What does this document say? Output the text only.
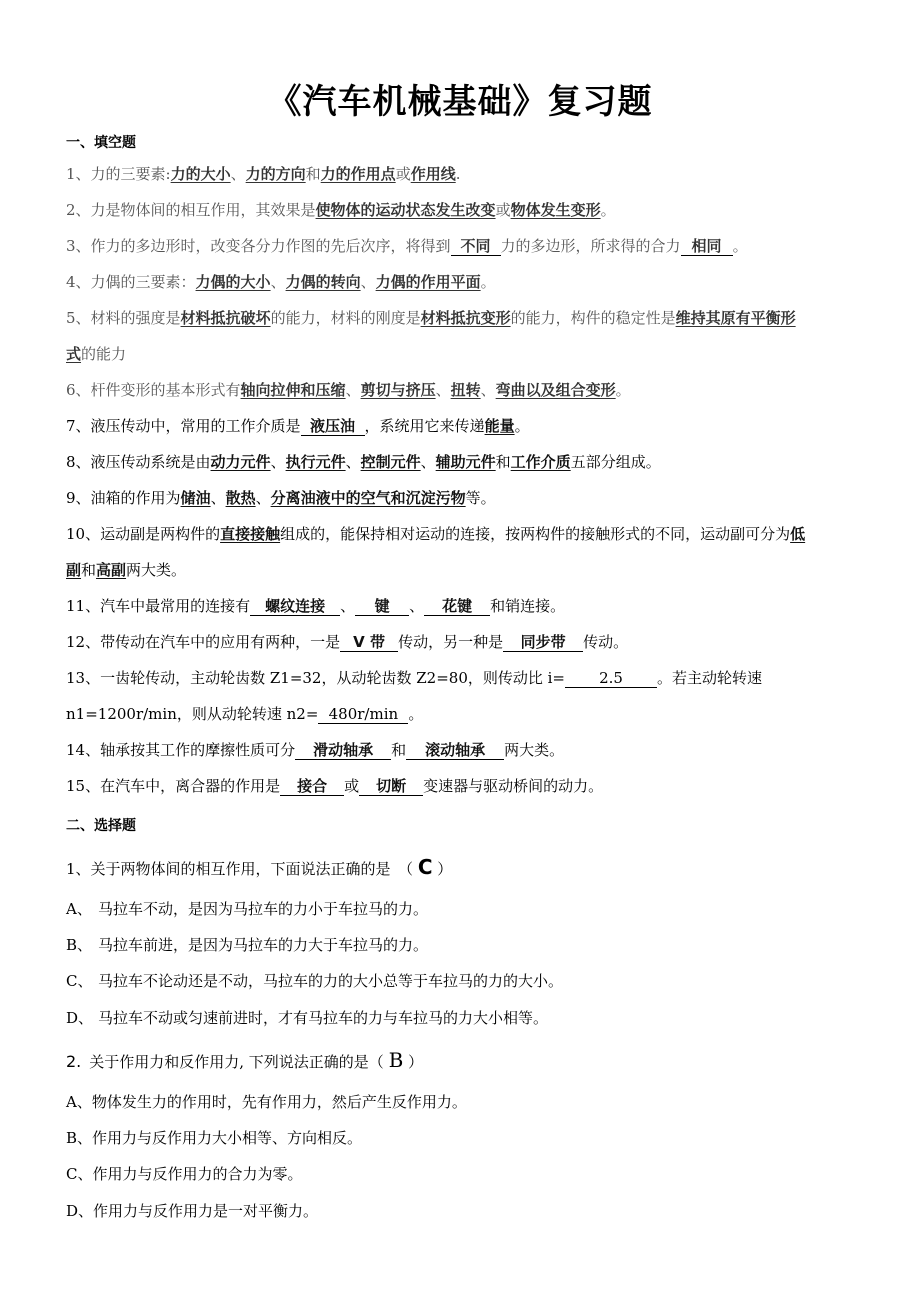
《汽车机械基础》复习题
一、填空题
1、力的三要素:力的大小、力的方向和力的作用点或作用线.
2、力是物体间的相互作用，其效果是使物体的运动状态发生改变或物体发生变形。
3、作力的多边形时，改变各分力作图的先后次序，将得到 不同 力的多边形，所求得的合力 相同 。
4、力偶的三要素：力偶的大小、力偶的转向、力偶的作用平面。
5、材料的强度是材料抵抗破坏的能力，材料的刚度是材料抵抗变形的能力，构件的稳定性是维持其原有平衡形
式的能力
6、杆件变形的基本形式有轴向拉伸和压缩、剪切与挤压、扭转、弯曲以及组合变形。
7、液压传动中，常用的工作介质是 液压油 ，系统用它来传递能量。
8、液压传动系统是由动力元件、执行元件、控制元件、辅助元件和工作介质五部分组成。
9、油箱的作用为储油、散热、分离油液中的空气和沉淀污物等。
10、运动副是两构件的直接接触组成的，能保持相对运动的连接，按两构件的接触形式的不同，运动副可分为低
副和高副两大类。
11、汽车中最常用的连接有 螺纹连接 、 键 、 花键 和销连接。
12、带传动在汽车中的应用有两种，一是 V 带 传动，另一种是 同步带 传动。
13、一齿轮传动，主动轮齿数 Z1=32，从动轮齿数 Z2=80，则传动比 i= 2.5 。若主动轮转速
n1=1200r/min，则从动轮转速 n2= 480r/min 。
14、轴承按其工作的摩擦性质可分 滑动轴承 和 滚动轴承 两大类。
15、在汽车中，离合器的作用是 接合 或 切断 变速器与驱动桥间的动力。
二、选择题
1、关于两物体间的相互作用，下面说法正确的是　（ C ）
A、 马拉车不动，是因为马拉车的力小于车拉马的力。
B、 马拉车前进，是因为马拉车的力大于车拉马的力。
C、 马拉车不论动还是不动，马拉车的力的大小总等于车拉马的力的大小。
D、 马拉车不动或匀速前进时，才有马拉车的力与车拉马的力大小相等。
2. 关于作用力和反作用力, 下列说法正确的是（ B ）
A、物体发生力的作用时，先有作用力，然后产生反作用力。
B、作用力与反作用力大小相等、方向相反。
C、作用力与反作用力的合力为零。
D、作用力与反作用力是一对平衡力。
